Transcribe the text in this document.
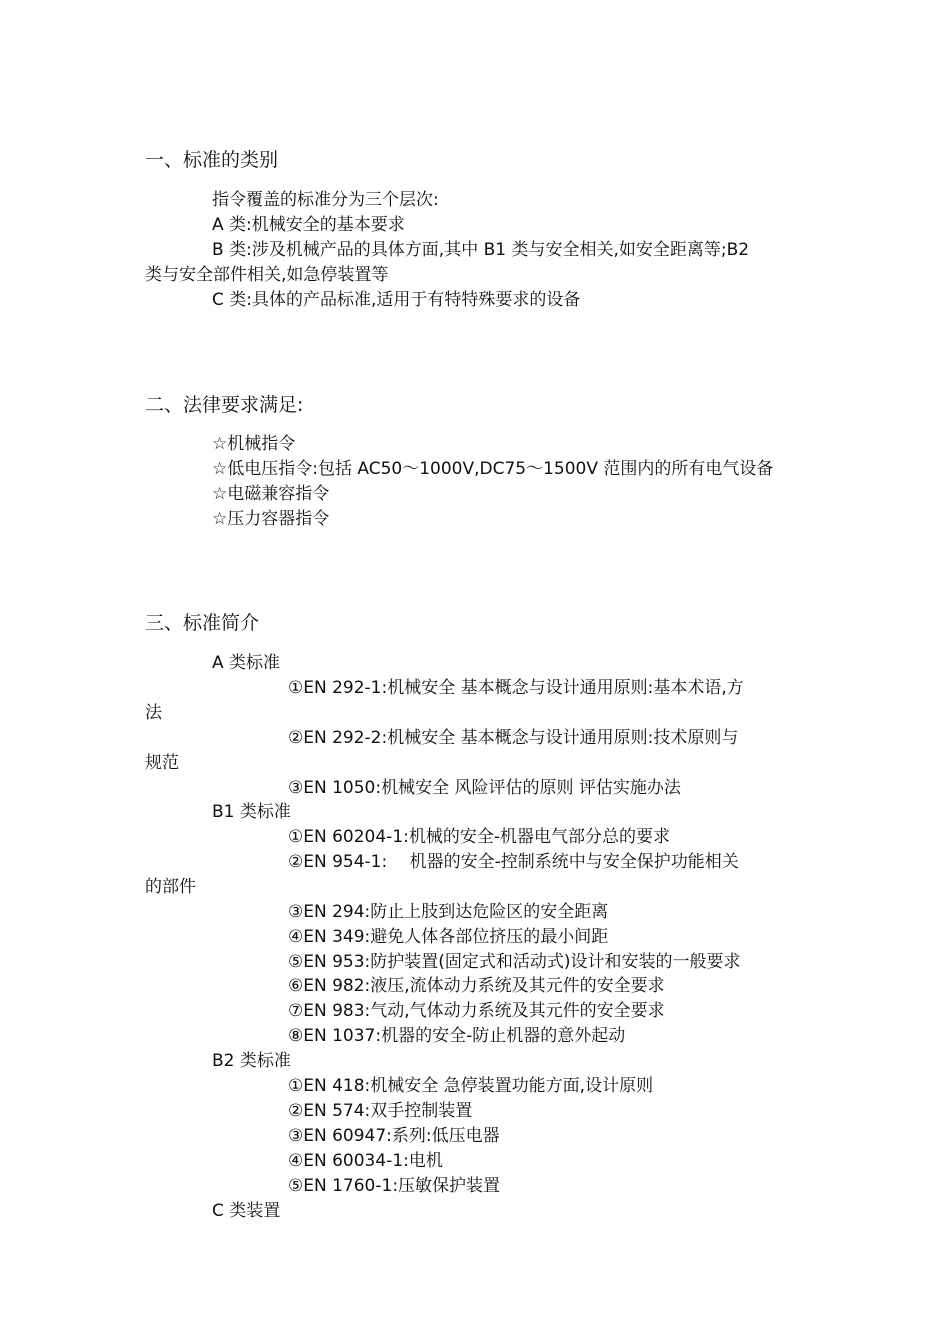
一、标准的类别
指令覆盖的标准分为三个层次:
A 类:机械安全的基本要求
B 类:涉及机械产品的具体方面,其中 B1 类与安全相关,如安全距离等;B2
类与安全部件相关,如急停装置等
C 类:具体的产品标准,适用于有特特殊要求的设备
二、法律要求满足:
☆机械指令
☆低电压指令:包括 AC50～1000V,DC75～1500V 范围内的所有电气设备
☆电磁兼容指令
☆压力容器指令
三、标准简介
A 类标准
①EN 292-1:机械安全 基本概念与设计通用原则:基本术语,方
法
②EN 292-2:机械安全 基本概念与设计通用原则:技术原则与
规范
③EN 1050:机械安全 风险评估的原则 评估实施办法
B1 类标准
①EN 60204-1:机械的安全-机器电气部分总的要求
②EN 954-1:　 机器的安全-控制系统中与安全保护功能相关
的部件
③EN 294:防止上肢到达危险区的安全距离
④EN 349:避免人体各部位挤压的最小间距
⑤EN 953:防护装置(固定式和活动式)设计和安装的一般要求
⑥EN 982:液压,流体动力系统及其元件的安全要求
⑦EN 983:气动,气体动力系统及其元件的安全要求
⑧EN 1037:机器的安全-防止机器的意外起动
B2 类标准
①EN 418:机械安全 急停装置功能方面,设计原则
②EN 574:双手控制装置
③EN 60947:系列:低压电器
④EN 60034-1:电机
⑤EN 1760-1:压敏保护装置
C 类装置
